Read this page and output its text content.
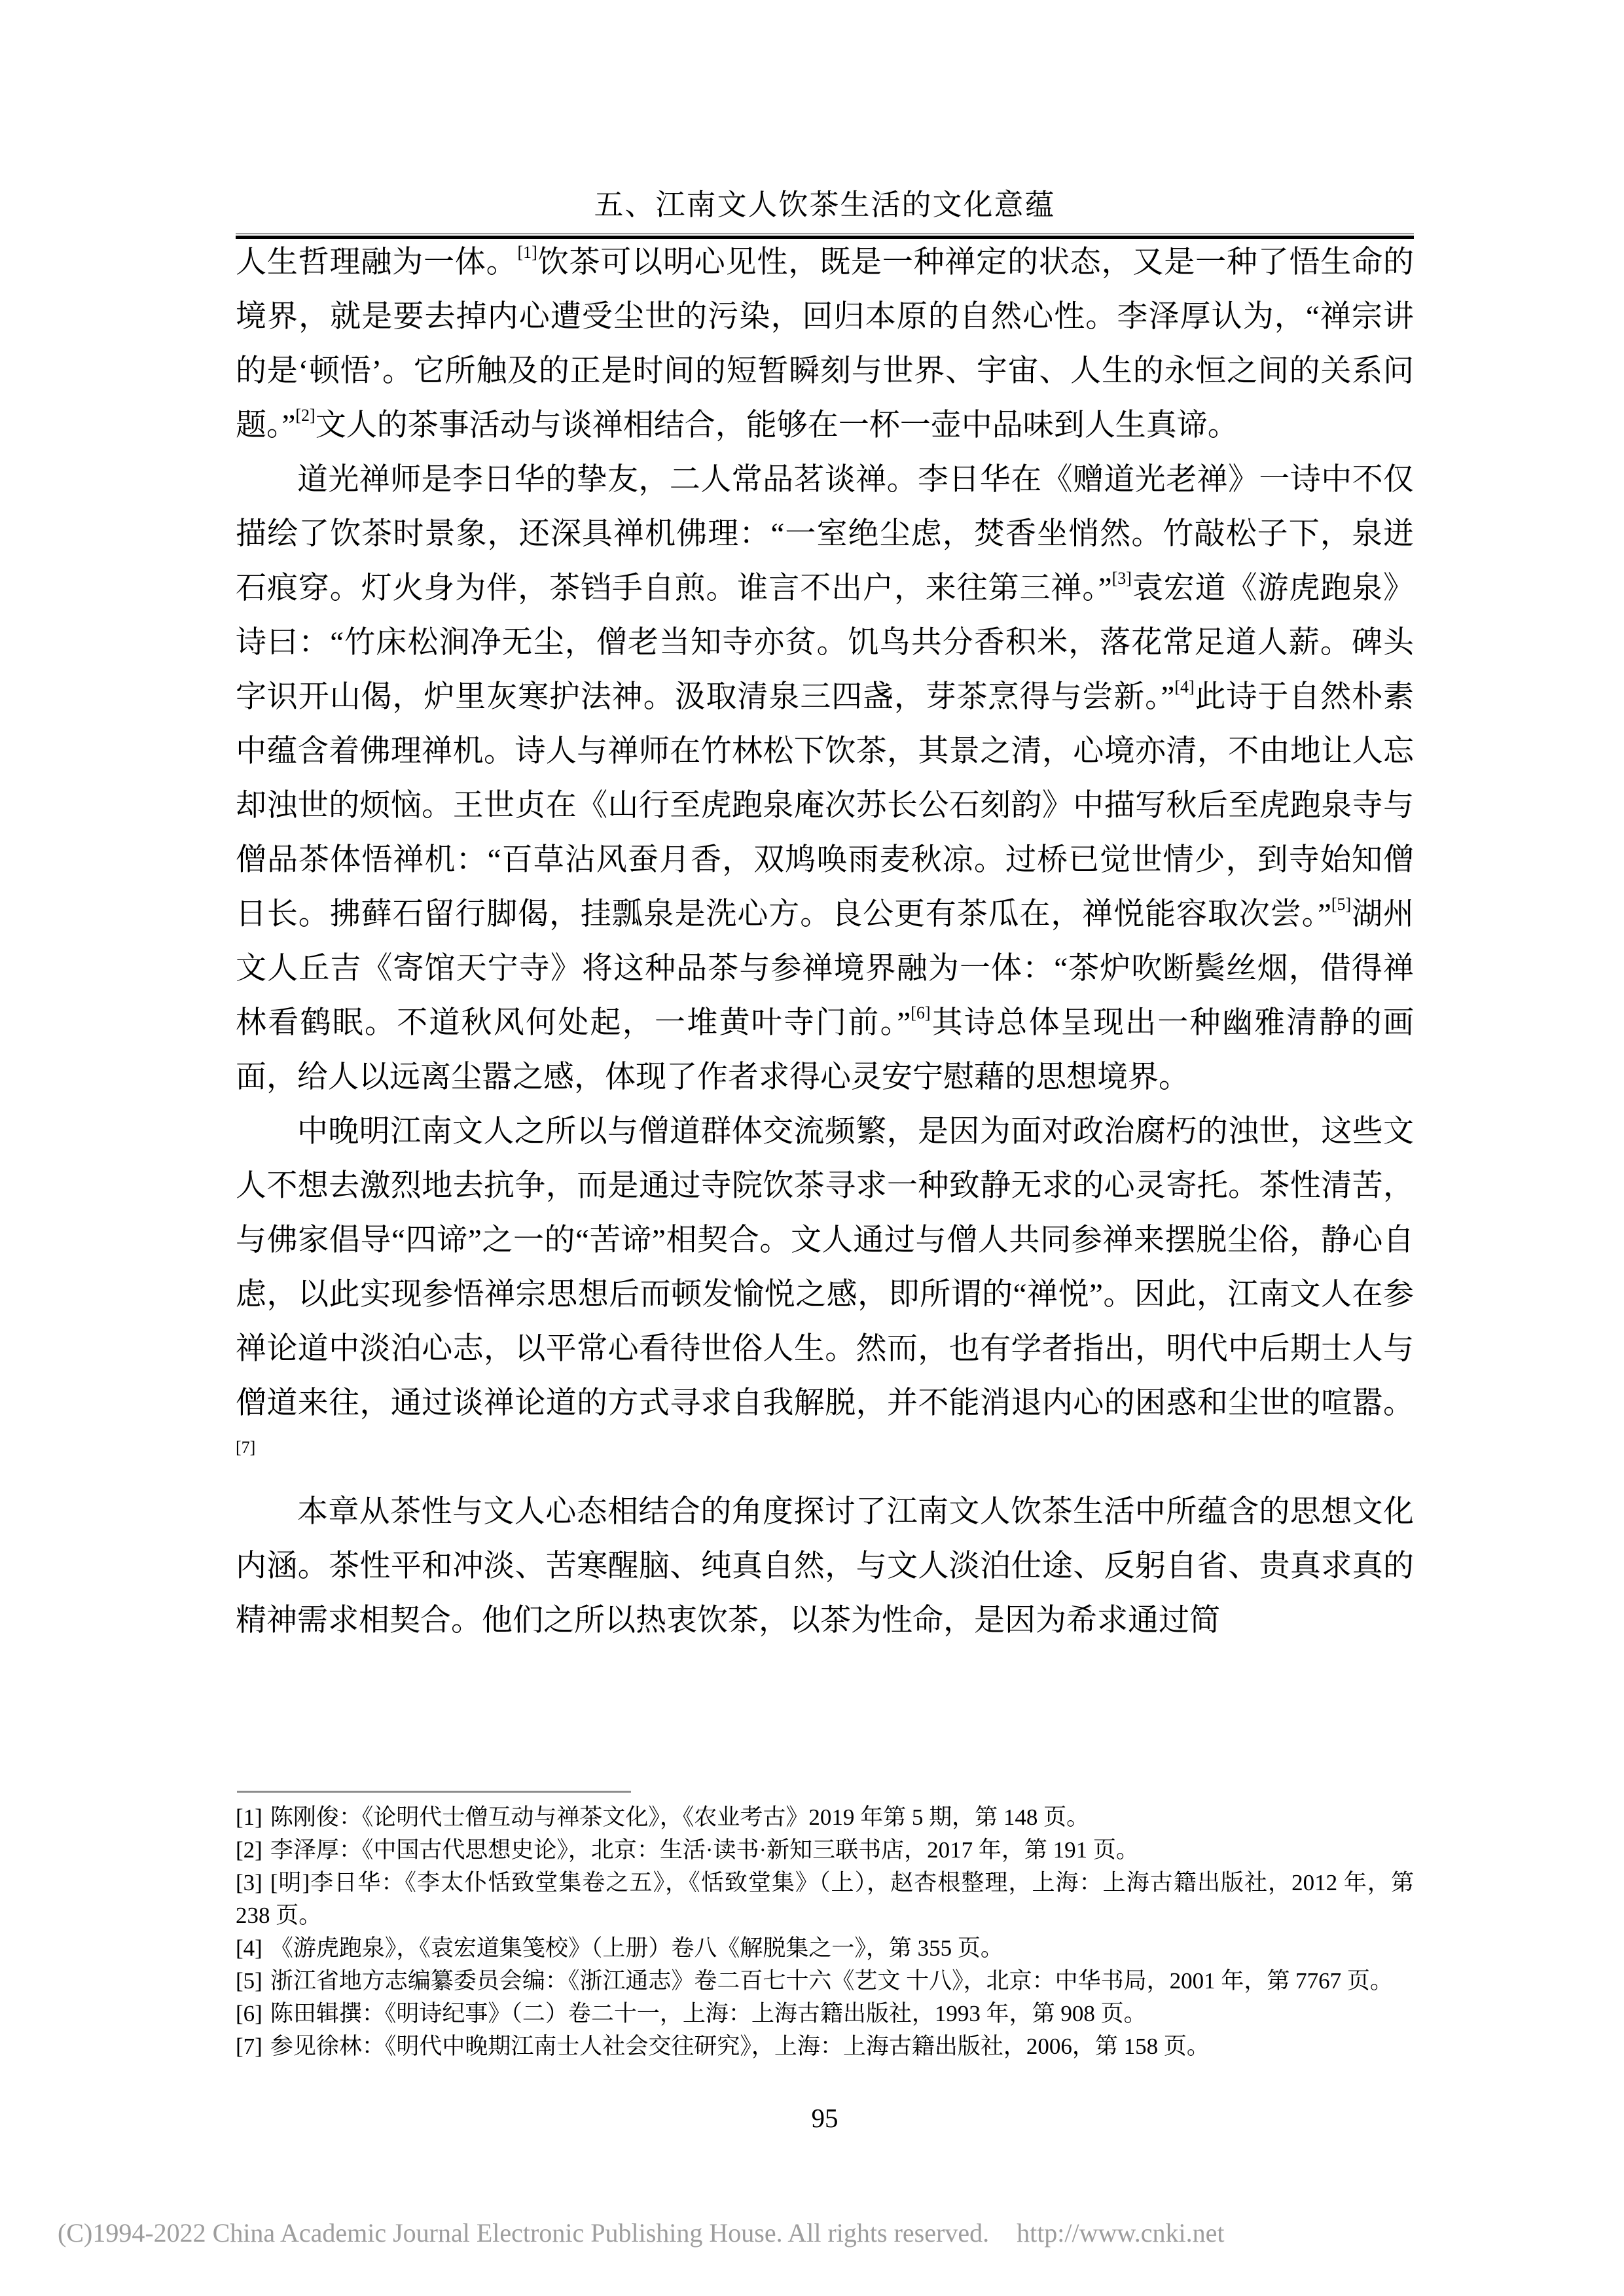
五、江南文人饮茶生活的文化意蕴

人生哲理融为一体。[1]饮茶可以明心见性，既是一种禅定的状态，又是一种了悟生命的境界，就是要去掉内心遭受尘世的污染，回归本原的自然心性。李泽厚认为，“禅宗讲的是‘顿悟’。它所触及的正是时间的短暂瞬刻与世界、宇宙、人生的永恒之间的关系问题。”[2]文人的茶事活动与谈禅相结合，能够在一杯一壶中品味到人生真谛。

道光禅师是李日华的挚友，二人常品茗谈禅。李日华在《赠道光老禅》一诗中不仅描绘了饮茶时景象，还深具禅机佛理：“一室绝尘虑，焚香坐悄然。竹敲松子下，泉迸石痕穿。灯火身为伴，茶铛手自煎。谁言不出户，来往第三禅。”[3]袁宏道《游虎跑泉》诗曰：“竹床松涧净无尘，僧老当知寺亦贫。饥鸟共分香积米，落花常足道人薪。碑头字识开山偈，炉里灰寒护法神。汲取清泉三四盏，芽茶烹得与尝新。”[4]此诗于自然朴素中蕴含着佛理禅机。诗人与禅师在竹林松下饮茶，其景之清，心境亦清，不由地让人忘却浊世的烦恼。王世贞在《山行至虎跑泉庵次苏长公石刻韵》中描写秋后至虎跑泉寺与僧品茶体悟禅机：“百草沾风蚕月香，双鸠唤雨麦秋凉。过桥已觉世情少，到寺始知僧日长。拂藓石留行脚偈，挂瓢泉是洗心方。良公更有茶瓜在，禅悦能容取次尝。”[5]湖州文人丘吉《寄馆天宁寺》将这种品茶与参禅境界融为一体：“茶炉吹断鬓丝烟，借得禅林看鹤眠。不道秋风何处起，一堆黄叶寺门前。”[6]其诗总体呈现出一种幽雅清静的画面，给人以远离尘嚣之感，体现了作者求得心灵安宁慰藉的思想境界。

中晚明江南文人之所以与僧道群体交流频繁，是因为面对政治腐朽的浊世，这些文人不想去激烈地去抗争，而是通过寺院饮茶寻求一种致静无求的心灵寄托。茶性清苦，与佛家倡导“四谛”之一的“苦谛”相契合。文人通过与僧人共同参禅来摆脱尘俗，静心自虑，以此实现参悟禅宗思想后而顿发愉悦之感，即所谓的“禅悦”。因此，江南文人在参禅论道中淡泊心志，以平常心看待世俗人生。然而，也有学者指出，明代中后期士人与僧道来往，通过谈禅论道的方式寻求自我解脱，并不能消退内心的困惑和尘世的喧嚣。[7]

本章从茶性与文人心态相结合的角度探讨了江南文人饮茶生活中所蕴含的思想文化内涵。茶性平和冲淡、苦寒醒脑、纯真自然，与文人淡泊仕途、反躬自省、贵真求真的精神需求相契合。他们之所以热衷饮茶，以茶为性命，是因为希求通过简

[1] 陈刚俊：《论明代士僧互动与禅茶文化》，《农业考古》2019 年第 5 期，第 148 页。

[2] 李泽厚：《中国古代思想史论》，北京：生活·读书·新知三联书店，2017 年，第 191 页。

[3] [明]李日华：《李太仆恬致堂集卷之五》，《恬致堂集》（上），赵杏根整理，上海：上海古籍出版社，2012 年，第 238 页。

[4] 《游虎跑泉》，《袁宏道集笺校》（上册）卷八《解脱集之一》，第 355 页。

[5] 浙江省地方志编纂委员会编：《浙江通志》卷二百七十六《艺文 十八》，北京：中华书局，2001 年，第 7767 页。

[6] 陈田辑撰：《明诗纪事》（二）卷二十一，上海：上海古籍出版社，1993 年，第 908 页。

[7] 参见徐林：《明代中晚期江南士人社会交往研究》，上海：上海古籍出版社，2006，第 158 页。

95
(C)1994-2022 China Academic Journal Electronic Publishing House. All rights reserved. http://www.cnki.net
